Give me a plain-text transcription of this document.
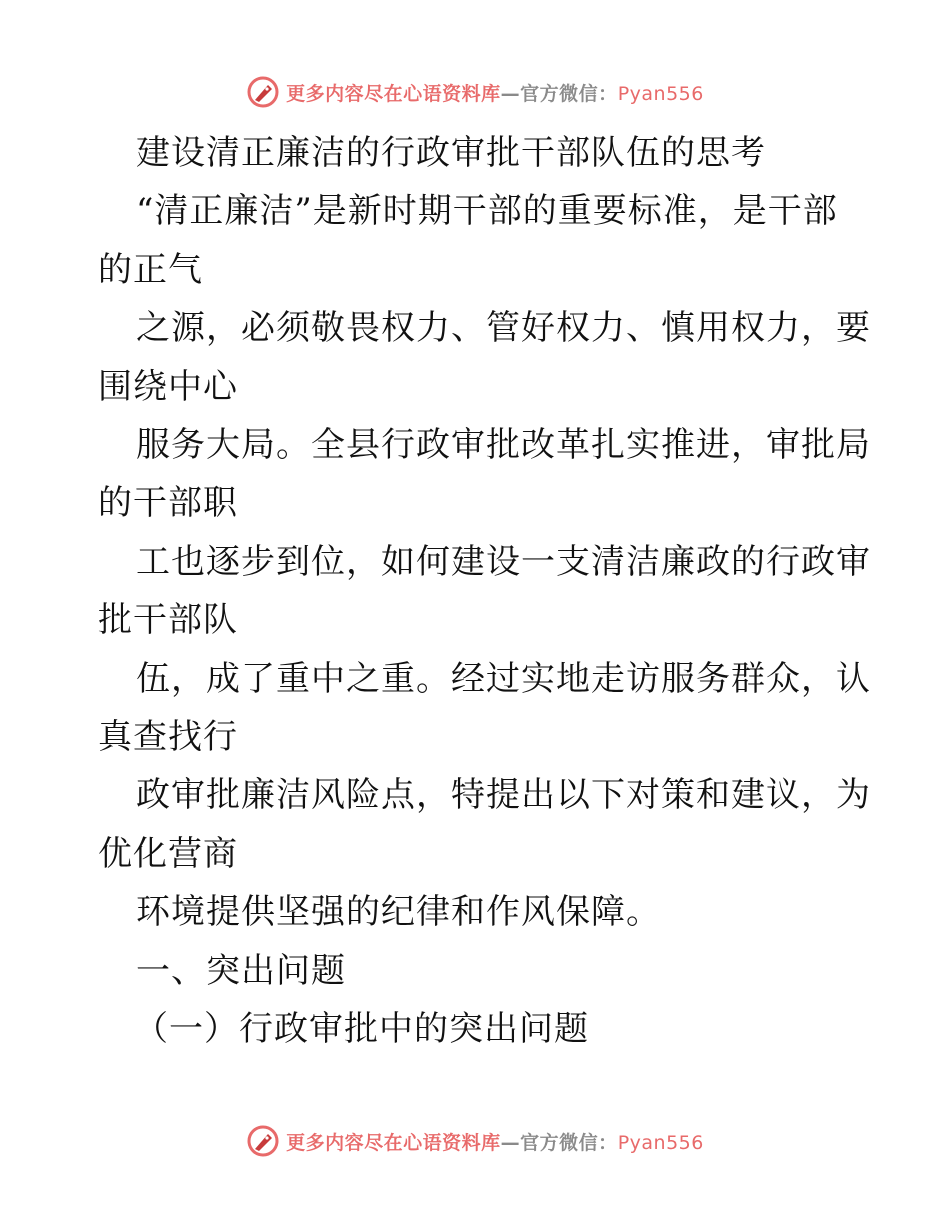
更多内容尽在心语资料库—官方微信：Pyan556
建设清正廉洁的行政审批干部队伍的思考
“清正廉洁”是新时期干部的重要标准，是干部
的正气
之源，必须敬畏权力、管好权力、慎用权力，要
围绕中心
服务大局。全县行政审批改革扎实推进，审批局
的干部职
工也逐步到位，如何建设一支清洁廉政的行政审
批干部队
伍，成了重中之重。经过实地走访服务群众，认
真查找行
政审批廉洁风险点，特提出以下对策和建议，为
优化营商
环境提供坚强的纪律和作风保障。
一、突出问题
（一）行政审批中的突出问题
更多内容尽在心语资料库—官方微信：Pyan556
